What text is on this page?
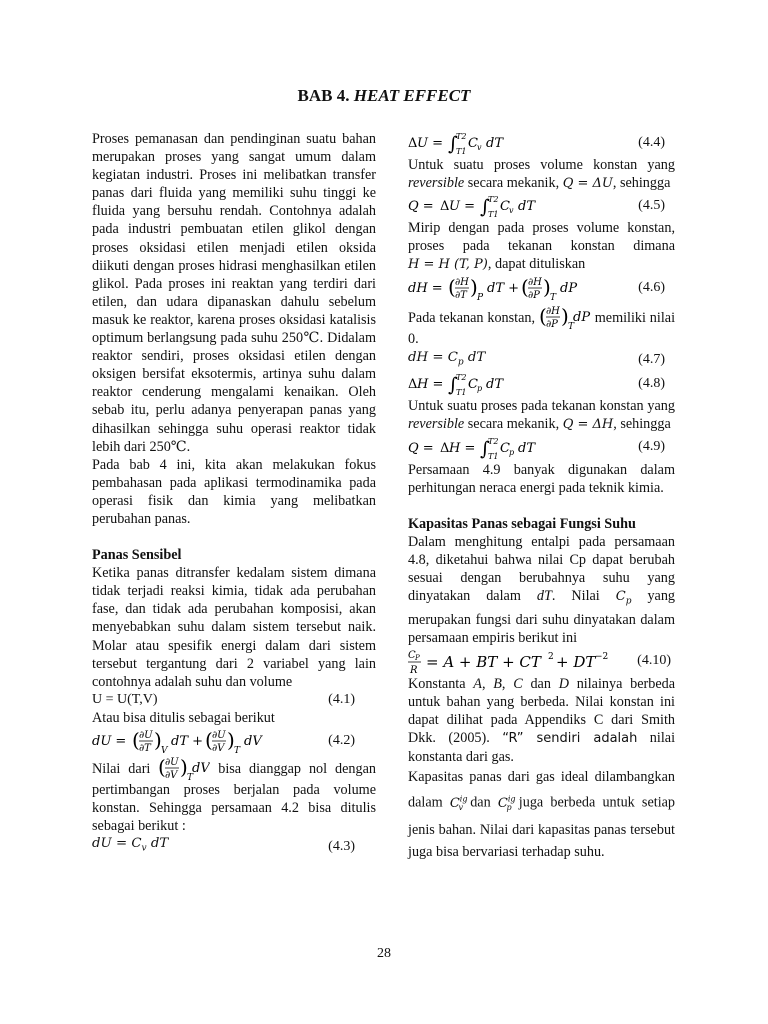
BAB 4. HEAT EFFECT

Proses pemanasan dan pendinginan suatu bahan merupakan proses yang sangat umum dalam kegiatan industri. Proses ini melibatkan transfer panas dari fluida yang memiliki suhu tinggi ke fluida yang bersuhu rendah. Contohnya adalah pada industri pembuatan etilen glikol dengan proses oksidasi etilen menjadi etilen oksida diikuti dengan proses hidrasi menghasilkan etilen glikol. Pada proses ini reaktan yang terdiri dari etilen, dan udara dipanaskan dahulu sebelum masuk ke reaktor, karena proses oksidasi katalisis optimum berlangsung pada suhu 250℃. Didalam reaktor sendiri, proses oksidasi etilen dengan oksigen bersifat eksotermis, artinya suhu dalam reaktor cenderung mengalami kenaikan. Oleh sebab itu, perlu adanya penyerapan panas yang dihasilkan sehingga suhu operasi reaktor tidak lebih dari 250℃.

Pada bab 4 ini, kita akan melakukan fokus pembahasan pada aplikasi termodinamika pada operasi fisik dan kimia yang melibatkan perubahan panas.

Panas Sensibel

Ketika panas ditransfer kedalam sistem dimana tidak terjadi reaksi kimia, tidak ada perubahan fase, dan tidak ada perubahan komposisi, akan menyebabkan suhu dalam sistem tersebut naik. Molar atau spesifik energi dalam dari sistem tersebut tergantung dari 2 variabel yang lain contohnya adalah suhu dan volume

U = U(T,V)	(4.1)

Atau bisa ditulis sebagai berikut

dU = ( ∂U
∂T ) V
dT + ( ∂U
∂V ) T
dV	(4.2)

Nilai dari ( ∂U
∂V ) T
dV bisa dianggap nol dengan pertimbangan proses berjalan pada volume konstan. Sehingga persamaan 4.2 bisa ditulis sebagai berikut :

dU = $C_v$ dT	(4.3)
Δ U = ∫
T2
T1
C v dT	(4.4)

Untuk suatu proses volume konstan yang reversible secara mekanik, Q = ΔU, sehingga

Q = Δ U = ∫
T2
T1
C v dT	(4.5)

Mirip dengan pada proses volume konstan, proses pada tekanan konstan dimana H = H (T, P), dapat dituliskan

dH = ( ∂H
∂T ) P
dT + ( ∂H
∂P ) T
dP	(4.6)

Pada tekanan konstan, ( ∂H
∂P ) T
dP memiliki nilai 0.

dH = $C_p$ dT	(4.7)
Δ H = ∫
T2
T1
C p dT	(4.8)

Untuk suatu proses pada tekanan konstan yang reversible secara mekanik, Q = ΔH, sehingga

Q = Δ H = ∫
T2
T1
C p dT	(4.9)

Persamaan 4.9 banyak digunakan dalam perhitungan neraca energi pada teknik kimia.

Kapasitas Panas sebagai Fungsi Suhu

Dalam menghitung entalpi pada persamaan 4.8, diketahui bahwa nilai Cp dapat berubah sesuai dengan berubahnya suhu yang dinyatakan dalam dT. Nilai $C_p$ yang merupakan fungsi dari suhu dinyatakan dalam persamaan empiris berikut ini

C P
R = A + BT + CT 2 + DT −2 (4.10)

Konstanta A, B, C dan D nilainya berbeda untuk bahan yang berbeda. Nilai konstan ini dapat dilihat pada Appendiks C dari Smith Dkk. (2005). “R” sendiri adalah nilai konstanta dari gas.

Kapasitas panas dari gas ideal dilambangkan dalam $C^{ig}_v$ dan $C^{ig}_p$ juga berbeda untuk setiap jenis bahan. Nilai dari kapasitas panas tersebut juga bisa bervariasi terhadap suhu.

28
